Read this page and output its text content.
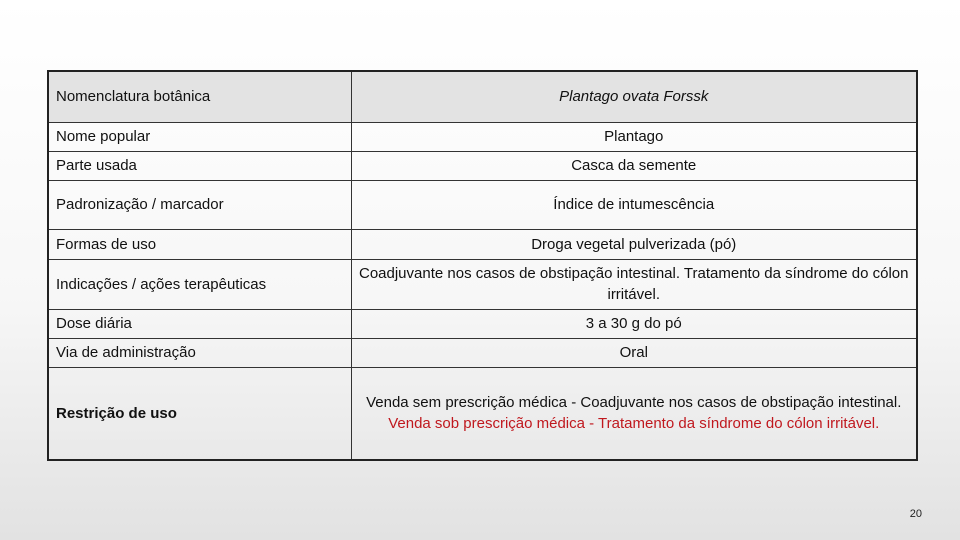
Nomenclatura botânica	Plantago ovata Forssk
Nome popular	Plantago
Parte usada	Casca da semente
Padronização / marcador	Índice de intumescência
Formas de uso	Droga vegetal pulverizada (pó)
Indicações / ações terapêuticas	Coadjuvante nos casos de obstipação intestinal. Tratamento da síndrome do cólon irritável.
Dose diária	3 a 30 g do pó
Via de administração	Oral
Restrição de uso	Venda sem prescrição médica - Coadjuvante nos casos de obstipação intestinal.
Venda sob prescrição médica - Tratamento da síndrome do cólon irritável.
20
